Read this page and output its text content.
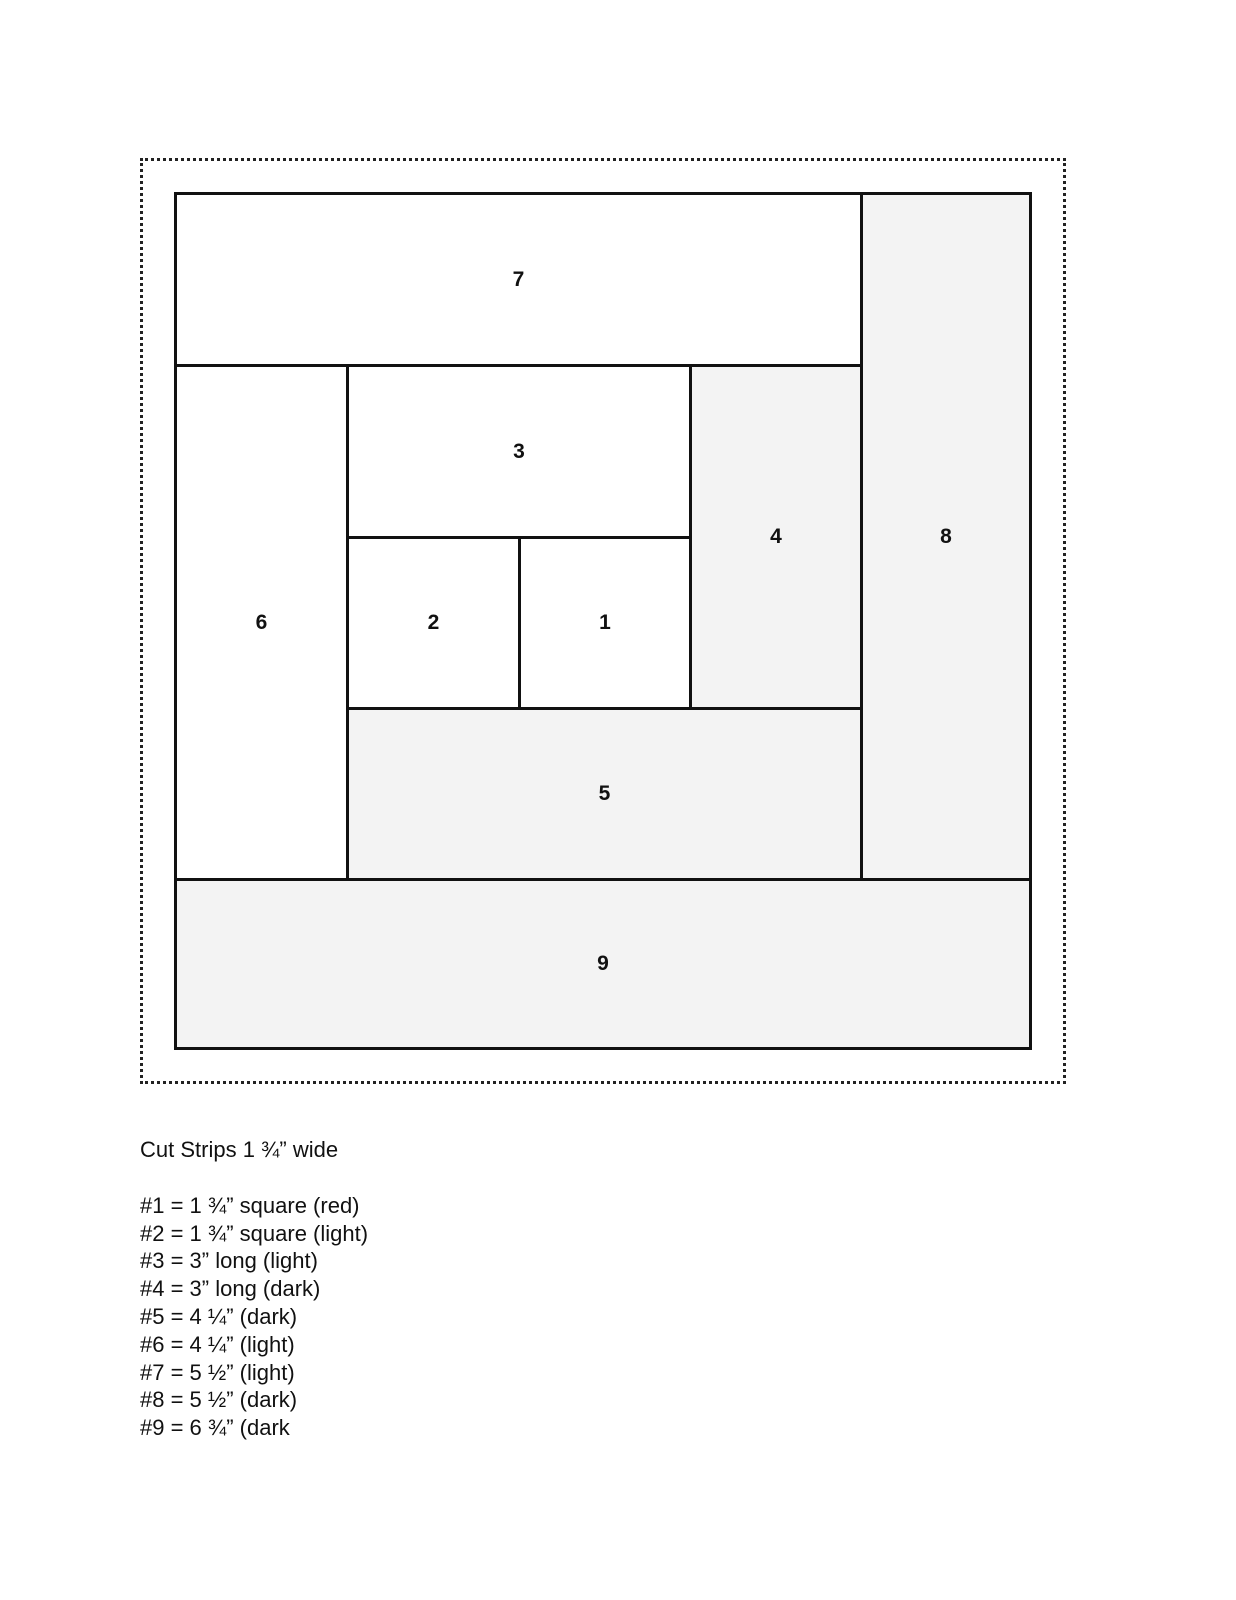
7
8
6
3
4
2	1
5
9
Cut Strips 1 ¾” wide
#1 = 1 ¾” square (red)
#2 = 1 ¾” square (light)
#3 = 3” long (light)
#4 = 3” long (dark)
#5 = 4 ¼” (dark)
#6 = 4 ¼” (light)
#7 = 5 ½” (light)
#8 = 5 ½” (dark)
#9 = 6 ¾” (dark
